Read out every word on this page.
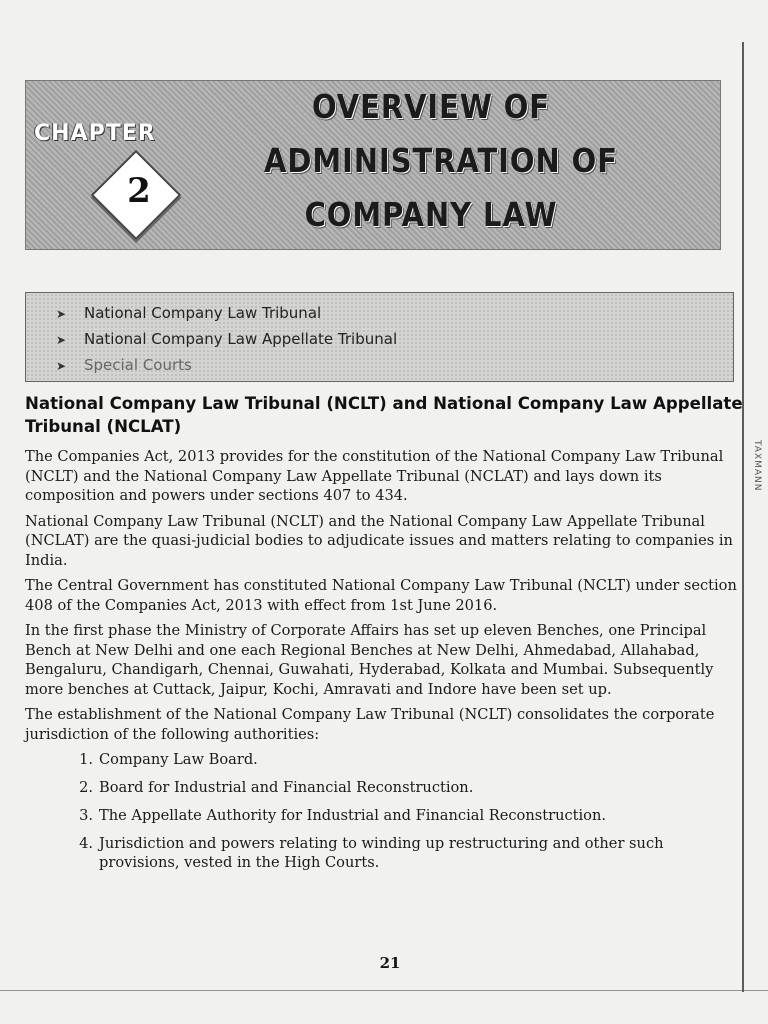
TAXMANN
CHAPTER
2
OVERVIEW OF
ADMINISTRATION OF
COMPANY LAW
➤ National Company Law Tribunal
➤ National Company Law Appellate Tribunal
➤ Special Courts
National Company Law Tribunal (NCLT) and National Company Law Appellate Tribunal (NCLAT)

The Companies Act, 2013 provides for the constitution of the National Company Law Tribunal (NCLT) and the National Company Law Appellate Tribunal (NCLAT) and lays down its composition and powers under sections 407 to 434.

National Company Law Tribunal (NCLT) and the National Company Law Appellate Tribunal (NCLAT) are the quasi-judicial bodies to adjudicate issues and matters relating to companies in India.

The Central Government has constituted National Company Law Tribunal (NCLT) under section 408 of the Companies Act, 2013 with effect from 1st June 2016.

In the first phase the Ministry of Corporate Affairs has set up eleven Benches, one Principal Bench at New Delhi and one each Regional Benches at New Delhi, Ahmedabad, Allahabad, Bengaluru, Chandigarh, Chennai, Guwahati, Hyderabad, Kolkata and Mumbai. Subsequently more benches at Cuttack, Jaipur, Kochi, Amravati and Indore have been set up.

The establishment of the National Company Law Tribunal (NCLT) consolidates the corporate jurisdiction of the following authorities:

1. Company Law Board.
2. Board for Industrial and Financial Reconstruction.
3. The Appellate Authority for Industrial and Financial Reconstruction.
4. Jurisdiction and powers relating to winding up restructuring and other such provisions, vested in the High Courts.
21
